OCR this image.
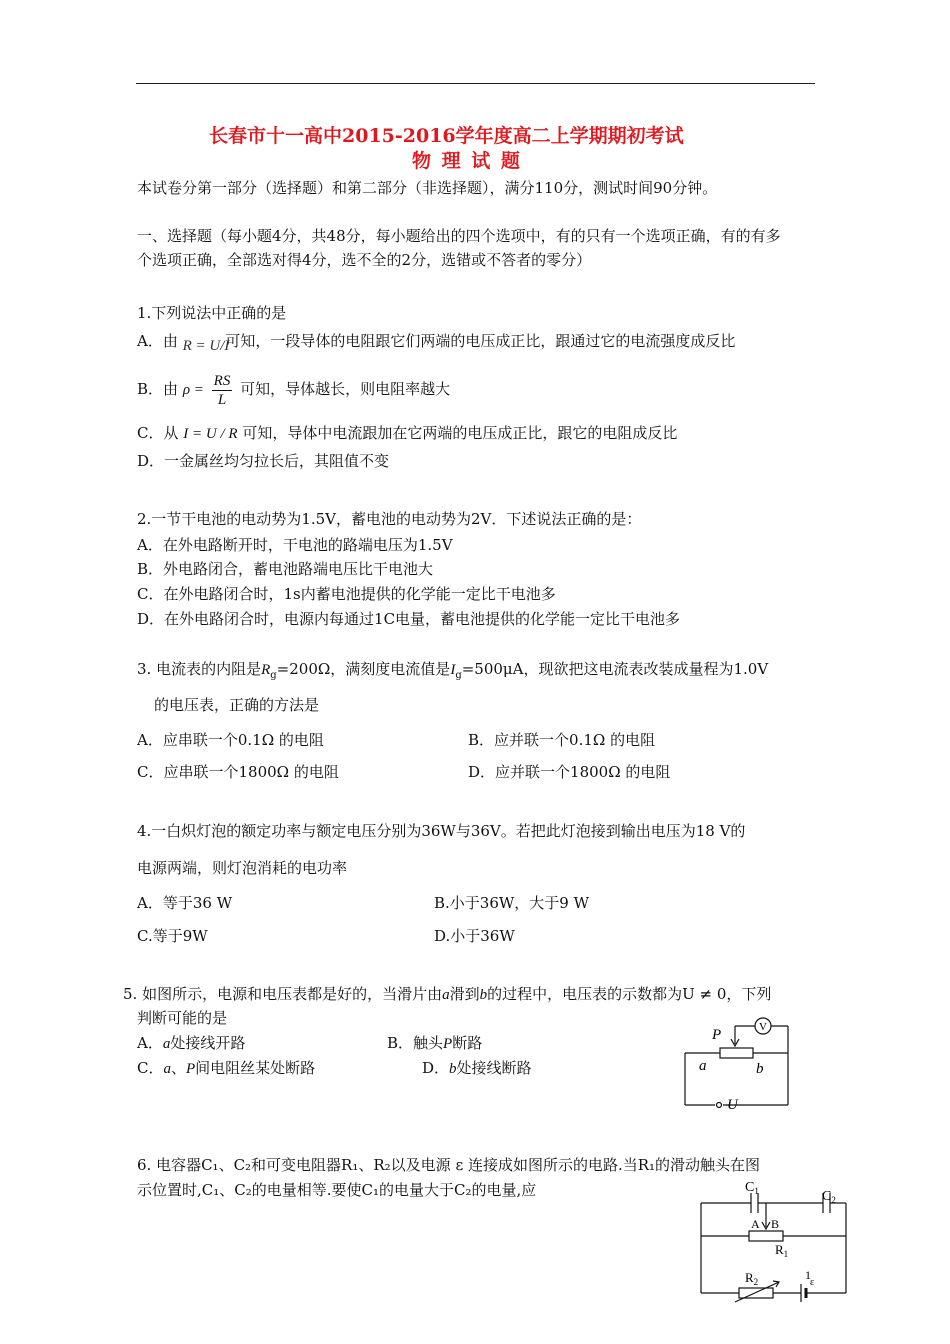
长春市十一高中2015-2016学年度高二上学期期初考试
物 理 试 题
本试卷分第一部分（选择题）和第二部分（非选择题），满分110分，测试时间90分钟。
一、选择题（每小题4分，共48分，每小题给出的四个选项中，有的只有一个选项正确，有的有多
个选项正确，全部选对得4分，选不全的2分，选错或不答者的零分）
1.下列说法中正确的是
A．由 R = U/I 可知，一段导体的电阻跟它们两端的电压成正比，跟通过它的电流强度成反比
B．由 $\rho = \frac{RS}{L}$ 可知，导体越长，则电阻率越大
C．从 I = U / R 可知，导体中电流跟加在它两端的电压成正比，跟它的电阻成反比
D．一金属丝均匀拉长后，其阻值不变
2.一节干电池的电动势为1.5V，蓄电池的电动势为2V．下述说法正确的是：
A．在外电路断开时，干电池的路端电压为1.5V
B．外电路闭合，蓄电池路端电压比干电池大
C．在外电路闭合时，1s内蓄电池提供的化学能一定比干电池多
D．在外电路闭合时，电源内每通过1C电量，蓄电池提供的化学能一定比干电池多
3. 电流表的内阻是$R_g=200\Omega$，满刻度电流值是$I_g=500\mu A$，现欲把这电流表改装成量程为1.0V
的电压表，正确的方法是
A．应串联一个0.1Ω 的电阻	B．应并联一个0.1Ω 的电阻
C．应串联一个1800Ω 的电阻	D．应并联一个1800Ω 的电阻
4.一白炽灯泡的额定功率与额定电压分别为36W与36V。若把此灯泡接到输出电压为18 V的
电源两端，则灯泡消耗的电功率
A．等于36 W	B.小于36W，大于9 W
C.等于9W	D.小于36W
5. 如图所示，电源和电压表都是好的，当滑片由a滑到b的过程中，电压表的示数都为U ≠ 0，下列
判断可能的是
A．a处接线开路	B．触头P断路
C．a、P间电阻丝某处断路	D．b处接线断路
P	V
a	b
U
6. 电容器C₁、C₂和可变电阻器R₁、R₂以及电源 ε 连接成如图所示的电路.当R₁的滑动触头在图
示位置时,C₁、C₂的电量相等.要使C₁的电量大于C₂的电量,应	$C_1$	$C_2$
A B
$R_1$
$R_2$	1
ε
